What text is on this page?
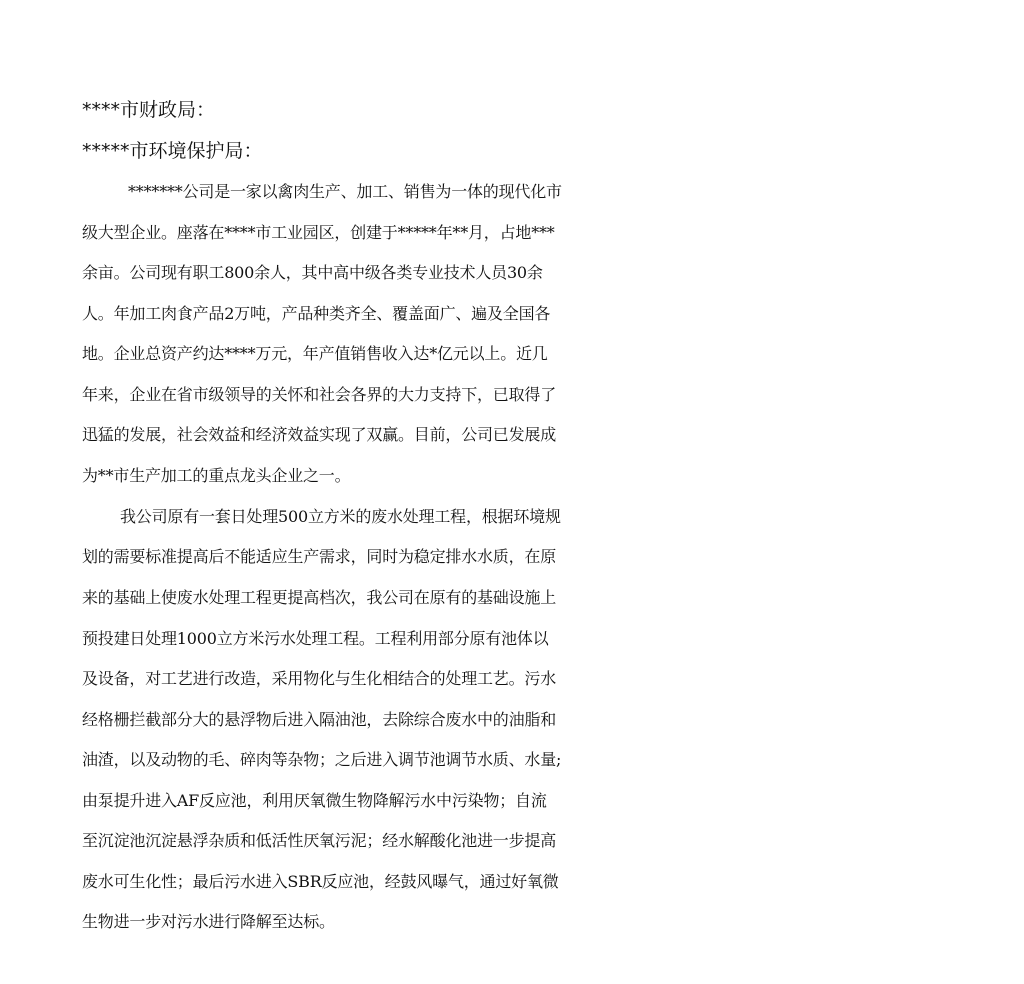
****市财政局：
*****市环境保护局：
*******公司是一家以禽肉生产、加工、销售为一体的现代化市
级大型企业。座落在****市工业园区，创建于*****年**月，占地***
余亩。公司现有职工800余人，其中高中级各类专业技术人员30余
人。年加工肉食产品2万吨，产品种类齐全、覆盖面广、遍及全国各
地。企业总资产约达****万元，年产值销售收入达*亿元以上。近几
年来，企业在省市级领导的关怀和社会各界的大力支持下，已取得了
迅猛的发展，社会效益和经济效益实现了双赢。目前，公司已发展成
为**市生产加工的重点龙头企业之一。
我公司原有一套日处理500立方米的废水处理工程，根据环境规
划的需要标准提高后不能适应生产需求，同时为稳定排水水质，在原
来的基础上使废水处理工程更提高档次，我公司在原有的基础设施上
预投建日处理1000立方米污水处理工程。工程利用部分原有池体以
及设备，对工艺进行改造，采用物化与生化相结合的处理工艺。污水
经格栅拦截部分大的悬浮物后进入隔油池，去除综合废水中的油脂和
油渣，以及动物的毛、碎肉等杂物；之后进入调节池调节水质、水量;
由泵提升进入AF反应池，利用厌氧微生物降解污水中污染物；自流
至沉淀池沉淀悬浮杂质和低活性厌氧污泥；经水解酸化池进一步提高
废水可生化性；最后污水进入SBR反应池，经鼓风曝气，通过好氧微
生物进一步对污水进行降解至达标。
